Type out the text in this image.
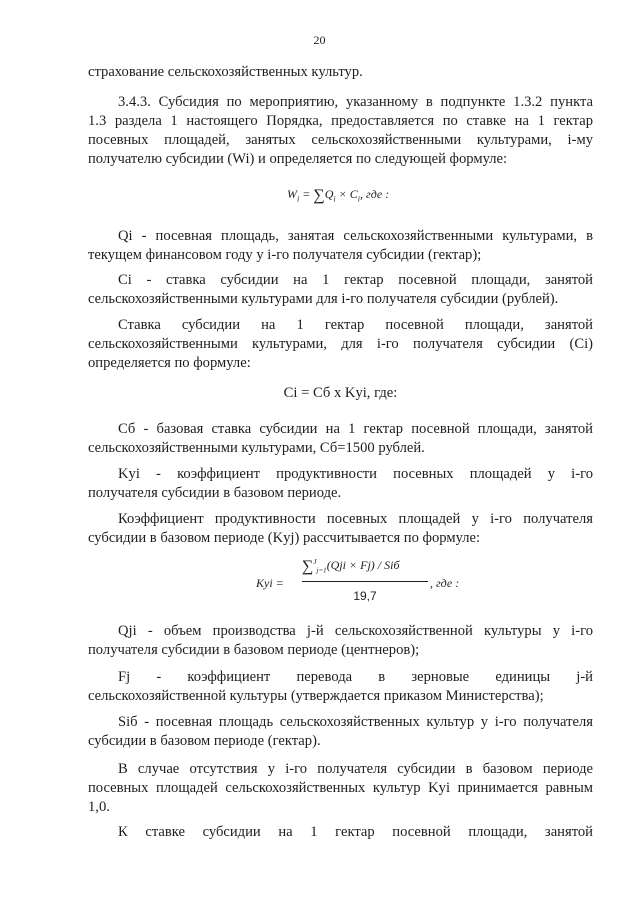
20
страхование сельскохозяйственных культур.
3.4.3. Субсидия по мероприятию, указанному в подпункте 1.3.2 пункта
1.3 раздела 1 настоящего Порядка, предоставляется по ставке на 1 гектар
посевных площадей, занятых сельскохозяйственными культурами, i-му
получателю субсидии (Wi) и определяется по следующей формуле:
$W_i = \sum Q_i \times C_i$, где :
Qi - посевная площадь, занятая сельскохозяйственными культурами, в
текущем финансовом году у i-го получателя субсидии (гектар);
Ci - ставка субсидии на 1 гектар посевной площади, занятой
сельскохозяйственными культурами для i-го получателя субсидии (рублей).
Ставка субсидии на 1 гектар посевной площади, занятой
сельскохозяйственными культурами, для i-го получателя субсидии (Ci)
определяется по формуле:
Ci = Сб x Kyi, где:
Сб - базовая ставка субсидии на 1 гектар посевной площади, занятой
сельскохозяйственными культурами, Сб=1500 рублей.
Kyi - коэффициент продуктивности посевных площадей у i-го
получателя субсидии в базовом периоде.
Коэффициент продуктивности посевных площадей у i-го получателя
субсидии в базовом периоде (Kyj) рассчитывается по формуле:
Kyi =
∑$^J_{j=1}$(Qji × Fj) / Siб
, где :
19,7
Qji - объем производства j-й сельскохозяйственной культуры у i-го
получателя субсидии в базовом периоде (центнеров);
Fj - коэффициент перевода в зерновые единицы j-й
сельскохозяйственной культуры (утверждается приказом Министерства);
Siб - посевная площадь сельскохозяйственных культур у i-го получателя
субсидии в базовом периоде (гектар).
В случае отсутствия у i-го получателя субсидии в базовом периоде
посевных площадей сельскохозяйственных культур Kyi принимается равным
1,0.
К ставке субсидии на 1 гектар посевной площади, занятой
